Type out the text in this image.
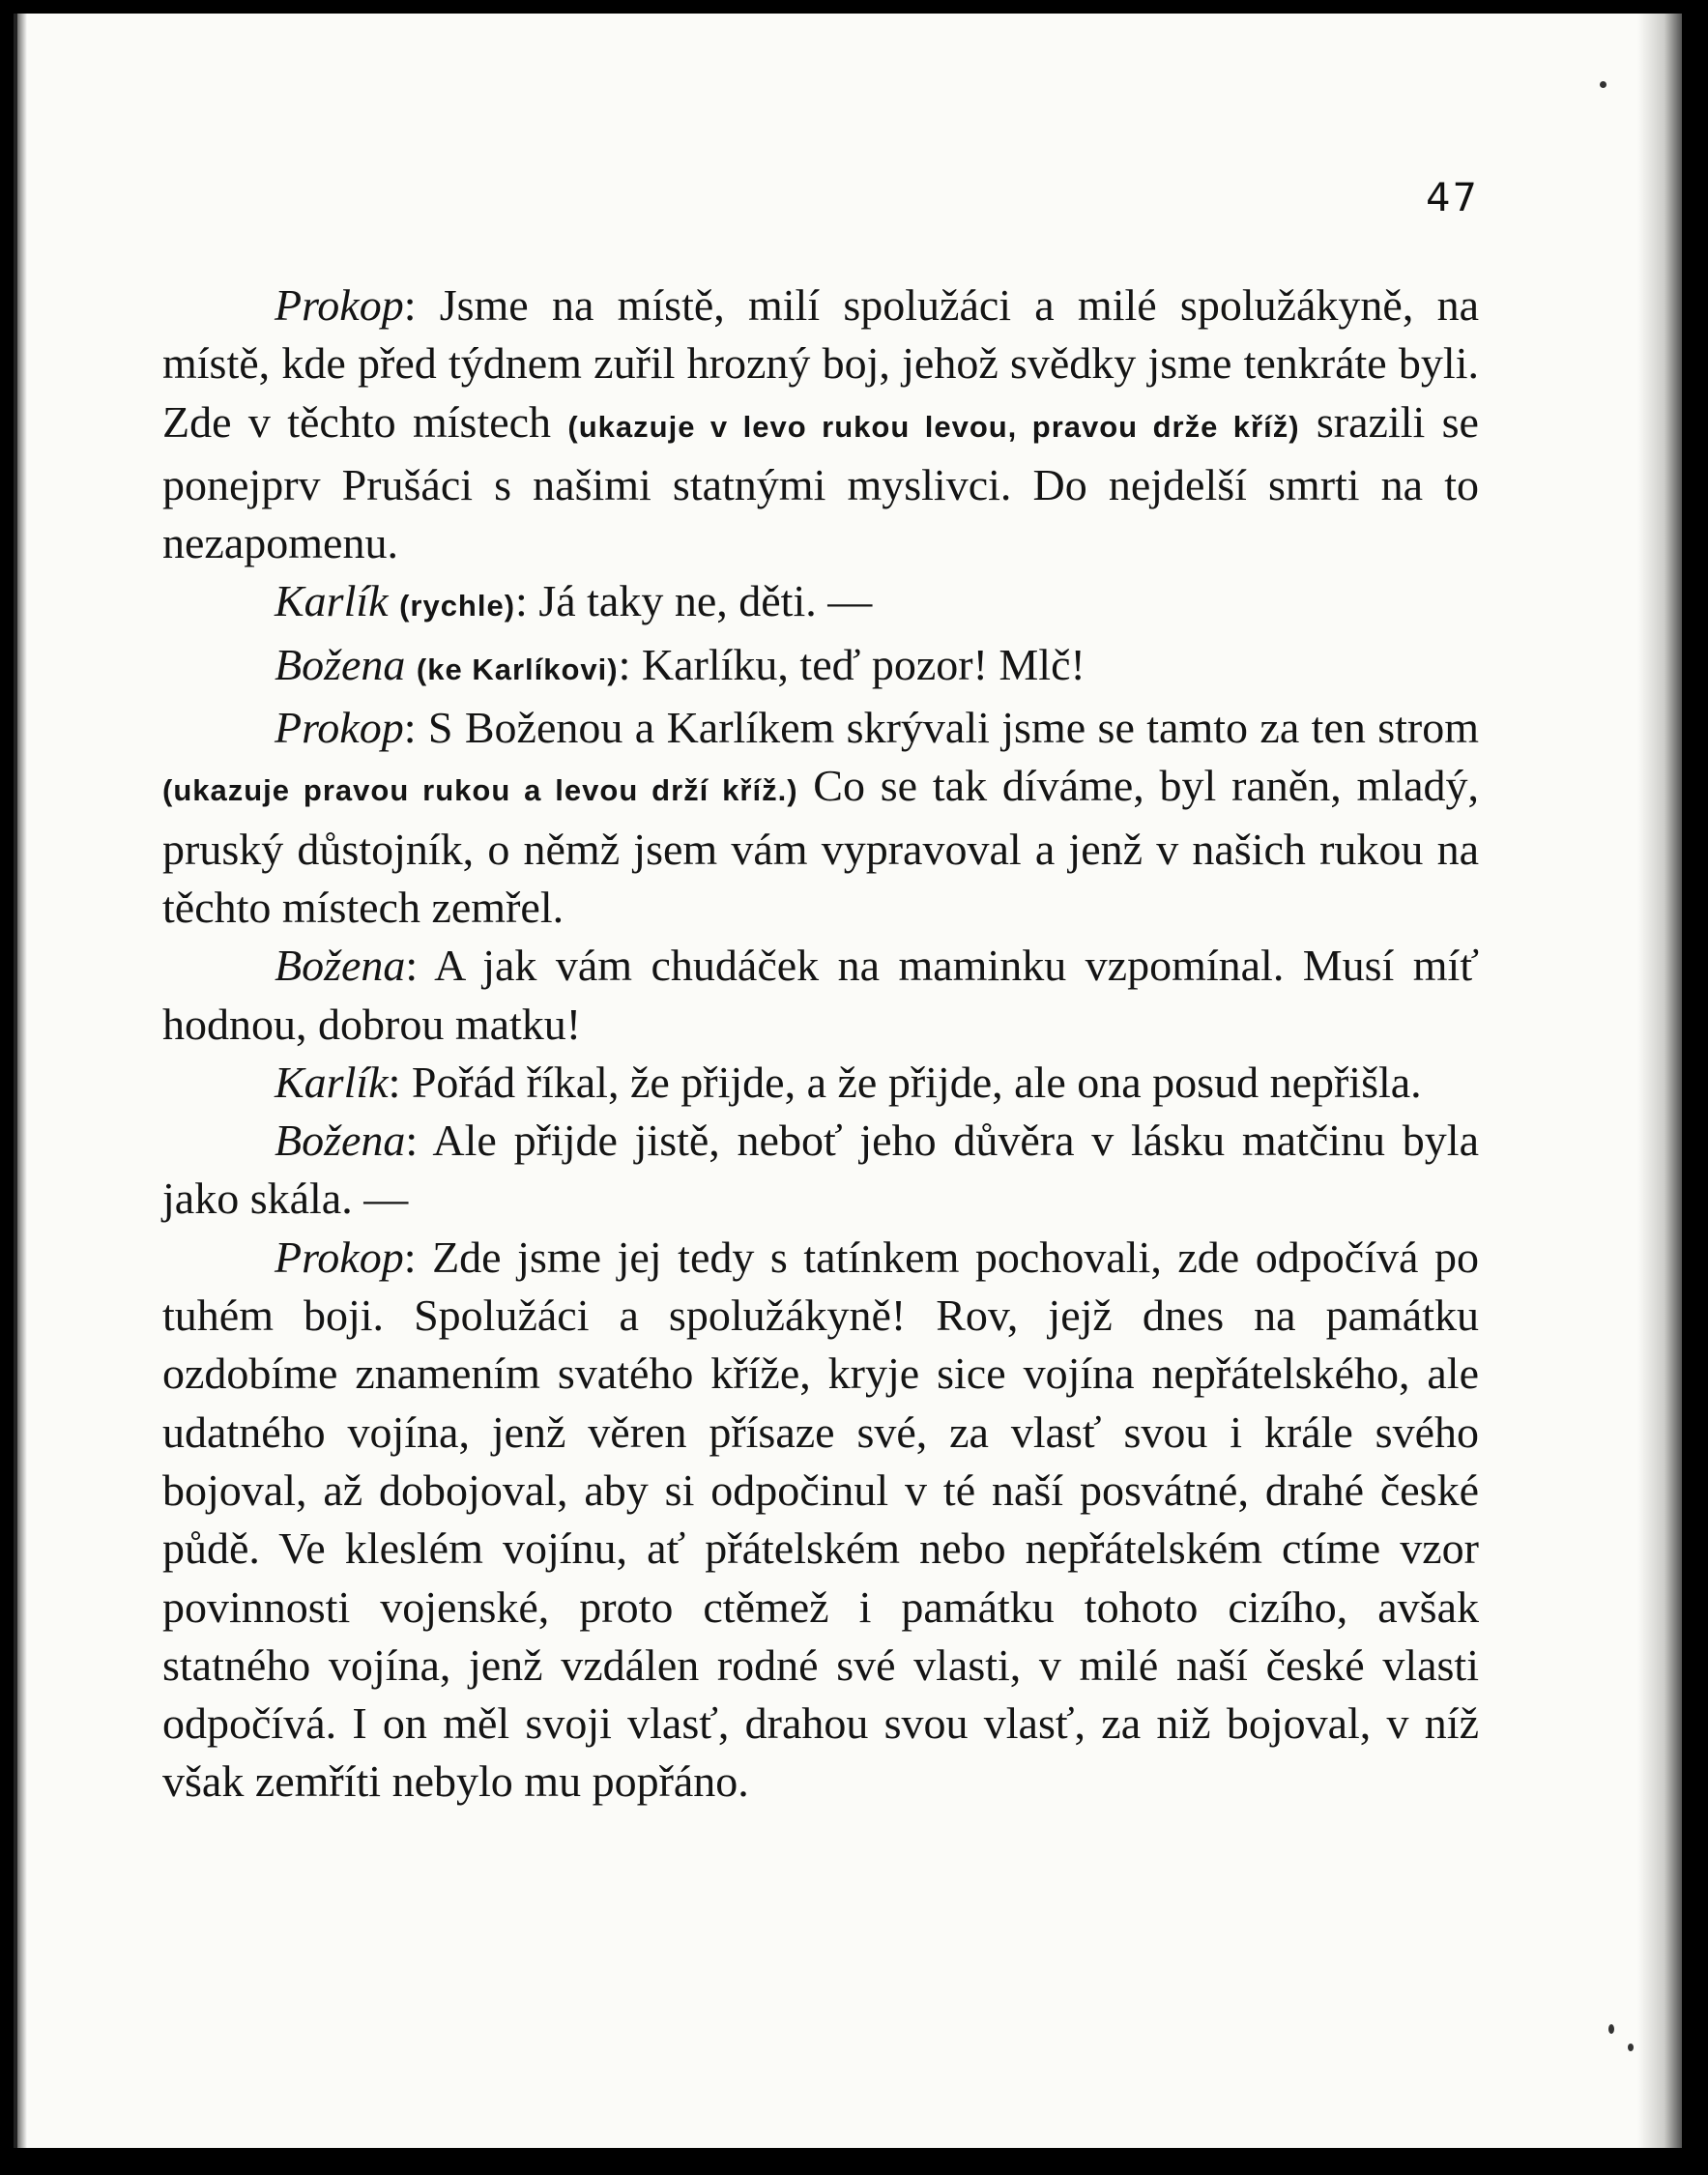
47

Prokop: Jsme na místě, milí spolužáci a milé spolužákyně, na místě, kde před týdnem zuřil hrozný boj, jehož svědky jsme tenkráte byli. Zde v těchto místech (ukazuje v levo rukou levou, pravou drže kříž) srazili se ponejprv Prušáci s našimi statnými myslivci. Do nejdelší smrti na to nezapomenu.

Karlík (rychle): Já taky ne, děti. —

Božena (ke Karlíkovi): Karlíku, teď pozor! Mlč!

Prokop: S Boženou a Karlíkem skrývali jsme se tamto za ten strom (ukazuje pravou rukou a levou drží kříž.) Co se tak díváme, byl raněn, mladý, pruský důstojník, o němž jsem vám vypravoval a jenž v našich rukou na těchto místech zemřel.

Božena: A jak vám chudáček na maminku vzpomínal. Musí míť hodnou, dobrou matku!

Karlík: Pořád říkal, že přijde, a že přijde, ale ona posud nepřišla.

Božena: Ale přijde jistě, neboť jeho důvěra v lásku matčinu byla jako skála. —

Prokop: Zde jsme jej tedy s tatínkem pochovali, zde odpočívá po tuhém boji. Spolužáci a spolužákyně! Rov, jejž dnes na památku ozdobíme znamením svatého kříže, kryje sice vojína nepřátelského, ale udatného vojína, jenž věren přísaze své, za vlasť svou i krále svého bojoval, až dobojoval, aby si odpočinul v té naší posvátné, drahé české půdě. Ve kleslém vojínu, ať přátelském nebo nepřátelském ctíme vzor povinnosti vojenské, proto ctěmež i památku tohoto cizího, avšak statného vojína, jenž vzdálen rodné své vlasti, v milé naší české vlasti odpočívá. I on měl svoji vlasť, drahou svou vlasť, za niž bojoval, v níž však zemříti nebylo mu popřáno.
